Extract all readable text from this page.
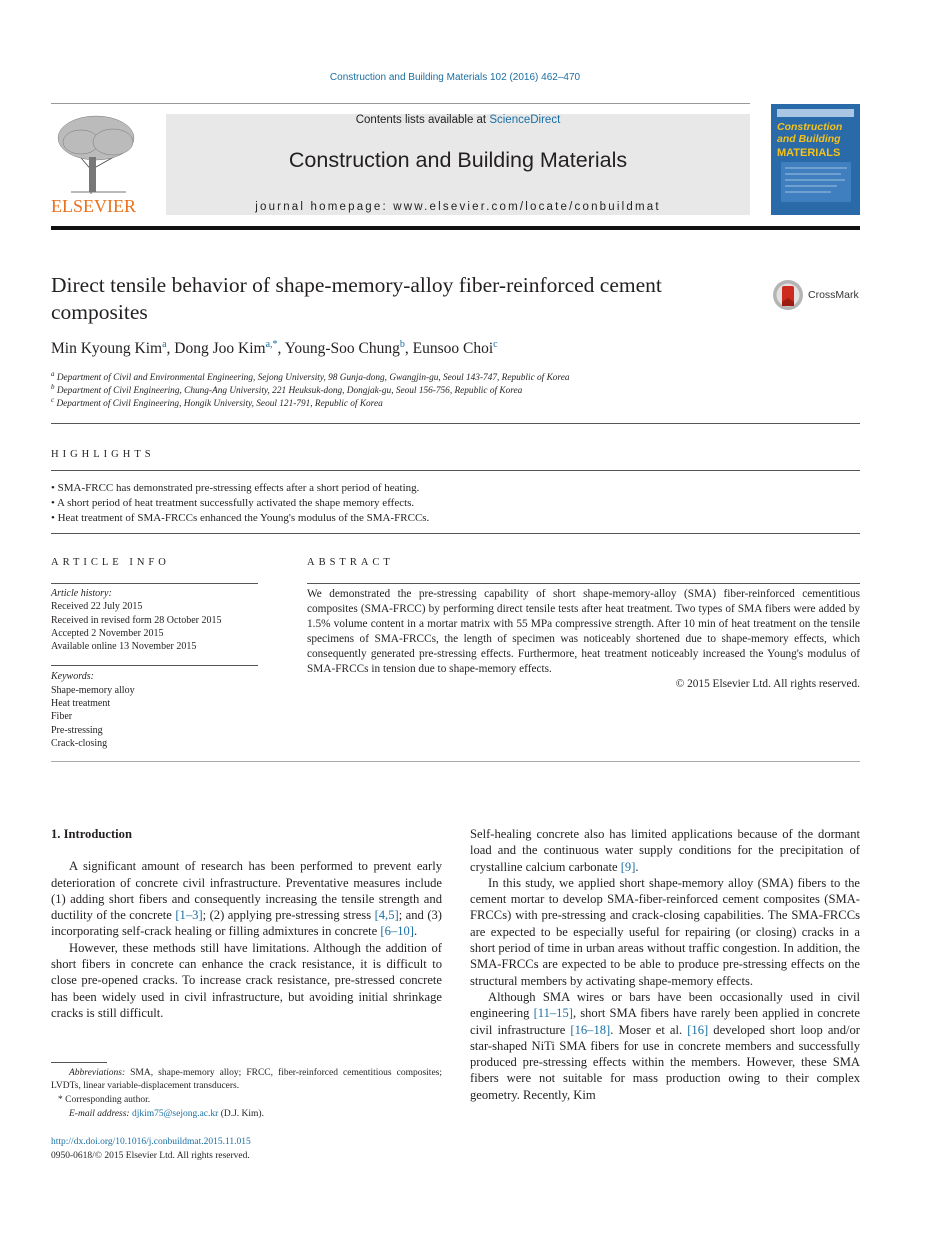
Construction and Building Materials 102 (2016) 462–470
ELSEVIER
Contents lists available at ScienceDirect
Construction and Building Materials
journal homepage: www.elsevier.com/locate/conbuildmat
Construction
and Building
MATERIALS
Direct tensile behavior of shape-memory-alloy fiber-reinforced cement composites
CrossMark
Min Kyoung Kim$^a$, Dong Joo Kim$^{a,*}$, Young-Soo Chung$^b$, Eunsoo Choi$^c$
$^a$ Department of Civil and Environmental Engineering, Sejong University, 98 Gunja-dong, Gwangjin-gu, Seoul 143-747, Republic of Korea
$^b$ Department of Civil Engineering, Chung-Ang University, 221 Heuksuk-dong, Dongjak-gu, Seoul 156-756, Republic of Korea
$^c$ Department of Civil Engineering, Hongik University, Seoul 121-791, Republic of Korea
HIGHLIGHTS
• SMA-FRCC has demonstrated pre-stressing effects after a short period of heating.
• A short period of heat treatment successfully activated the shape memory effects.
• Heat treatment of SMA-FRCCs enhanced the Young's modulus of the SMA-FRCCs.
ARTICLE INFO	ABSTRACT
Article history:
Received 22 July 2015
Received in revised form 28 October 2015
Accepted 2 November 2015
Available online 13 November 2015
Keywords:
Shape-memory alloy
Heat treatment
Fiber
Pre-stressing
Crack-closing
We demonstrated the pre-stressing capability of short shape-memory-alloy (SMA) fiber-reinforced cementitious composites (SMA-FRCC) by performing direct tensile tests after heat treatment. Two types of SMA fibers were added by 1.5% volume content in a mortar matrix with 55 MPa compressive strength. After 10 min of heat treatment on the tensile specimens of SMA-FRCCs, the length of specimen was noticeably shortened due to shape-memory effects, which consequently generated pre-stressing effects. Furthermore, heat treatment noticeably increased the Young's modulus of SMA-FRCCs in tension due to shape-memory effects.
© 2015 Elsevier Ltd. All rights reserved.

1. Introduction

A significant amount of research has been performed to prevent early deterioration of concrete civil infrastructure. Preventative measures include (1) adding short fibers and consequently increasing the tensile strength and ductility of the concrete [1–3]; (2) applying pre-stressing stress [4,5]; and (3) incorporating self-crack healing or filling admixtures in concrete [6–10].

However, these methods still have limitations. Although the addition of short fibers in concrete can enhance the crack resistance, it is difficult to close pre-opened cracks. To increase crack resistance, pre-stressed concrete has been widely used in civil infrastructure, but avoiding initial shrinkage cracks is still difficult.

Self-healing concrete also has limited applications because of the dormant load and the continuous water supply conditions for the precipitation of crystalline calcium carbonate [9].

In this study, we applied short shape-memory alloy (SMA) fibers to the cement mortar to develop SMA-fiber-reinforced cement composites (SMA-FRCCs) with pre-stressing and crack-closing capabilities. The SMA-FRCCs are expected to be especially useful for repairing (or closing) cracks in a short period of time in urban areas without traffic congestion. In addition, the SMA-FRCCs are expected to be able to produce pre-stressing effects on the structural members by activating shape-memory effects.

Although SMA wires or bars have been occasionally used in civil engineering [11–15], short SMA fibers have rarely been applied in concrete civil infrastructure [16–18]. Moser et al. [16] developed short loop and/or star-shaped NiTi SMA fibers for use in concrete members and successfully produced pre-stressing effects within the members. However, these SMA fibers were not suitable for mass production owing to their complex geometry. Recently, Kim

Abbreviations: SMA, shape-memory alloy; FRCC, fiber-reinforced cementitious composites; LVDTs, linear variable-displacement transducers.
* Corresponding author.
E-mail address: djkim75@sejong.ac.kr (D.J. Kim).
http://dx.doi.org/10.1016/j.conbuildmat.2015.11.015
0950-0618/© 2015 Elsevier Ltd. All rights reserved.
